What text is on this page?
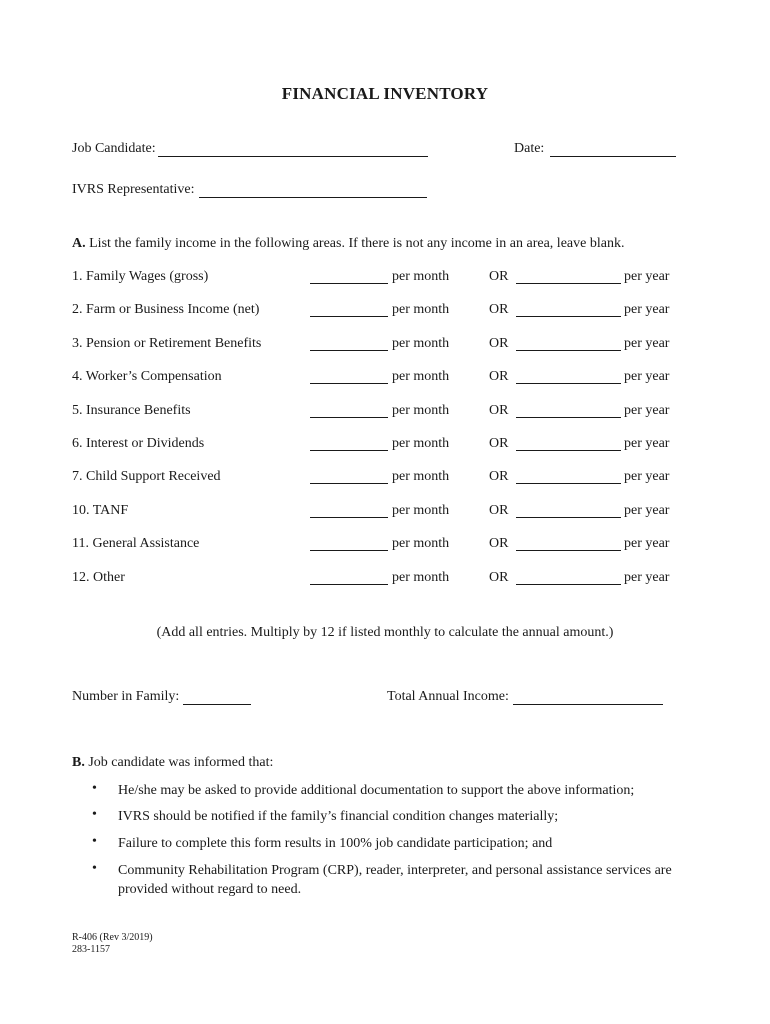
FINANCIAL INVENTORY
Job Candidate:	Date:
IVRS Representative:
A. List the family income in the following areas. If there is not any income in an area, leave blank.
1. Family Wages (gross)	per month	OR	per year
2. Farm or Business Income (net)	per month	OR	per year
3. Pension or Retirement Benefits	per month	OR	per year
4. Worker’s Compensation	per month	OR	per year
5. Insurance Benefits	per month	OR	per year
6. Interest or Dividends	per month	OR	per year
7. Child Support Received	per month	OR	per year
10. TANF	per month	OR	per year
11. General Assistance	per month	OR	per year
12. Other	per month	OR	per year
(Add all entries. Multiply by 12 if listed monthly to calculate the annual amount.)
Number in Family:	Total Annual Income:
B. Job candidate was informed that:
• He/she may be asked to provide additional documentation to support the above information;
• IVRS should be notified if the family’s financial condition changes materially;
• Failure to complete this form results in 100% job candidate participation; and
• Community Rehabilitation Program (CRP), reader, interpreter, and personal assistance services are provided without regard to need.
R-406 (Rev 3/2019)
283-1157
